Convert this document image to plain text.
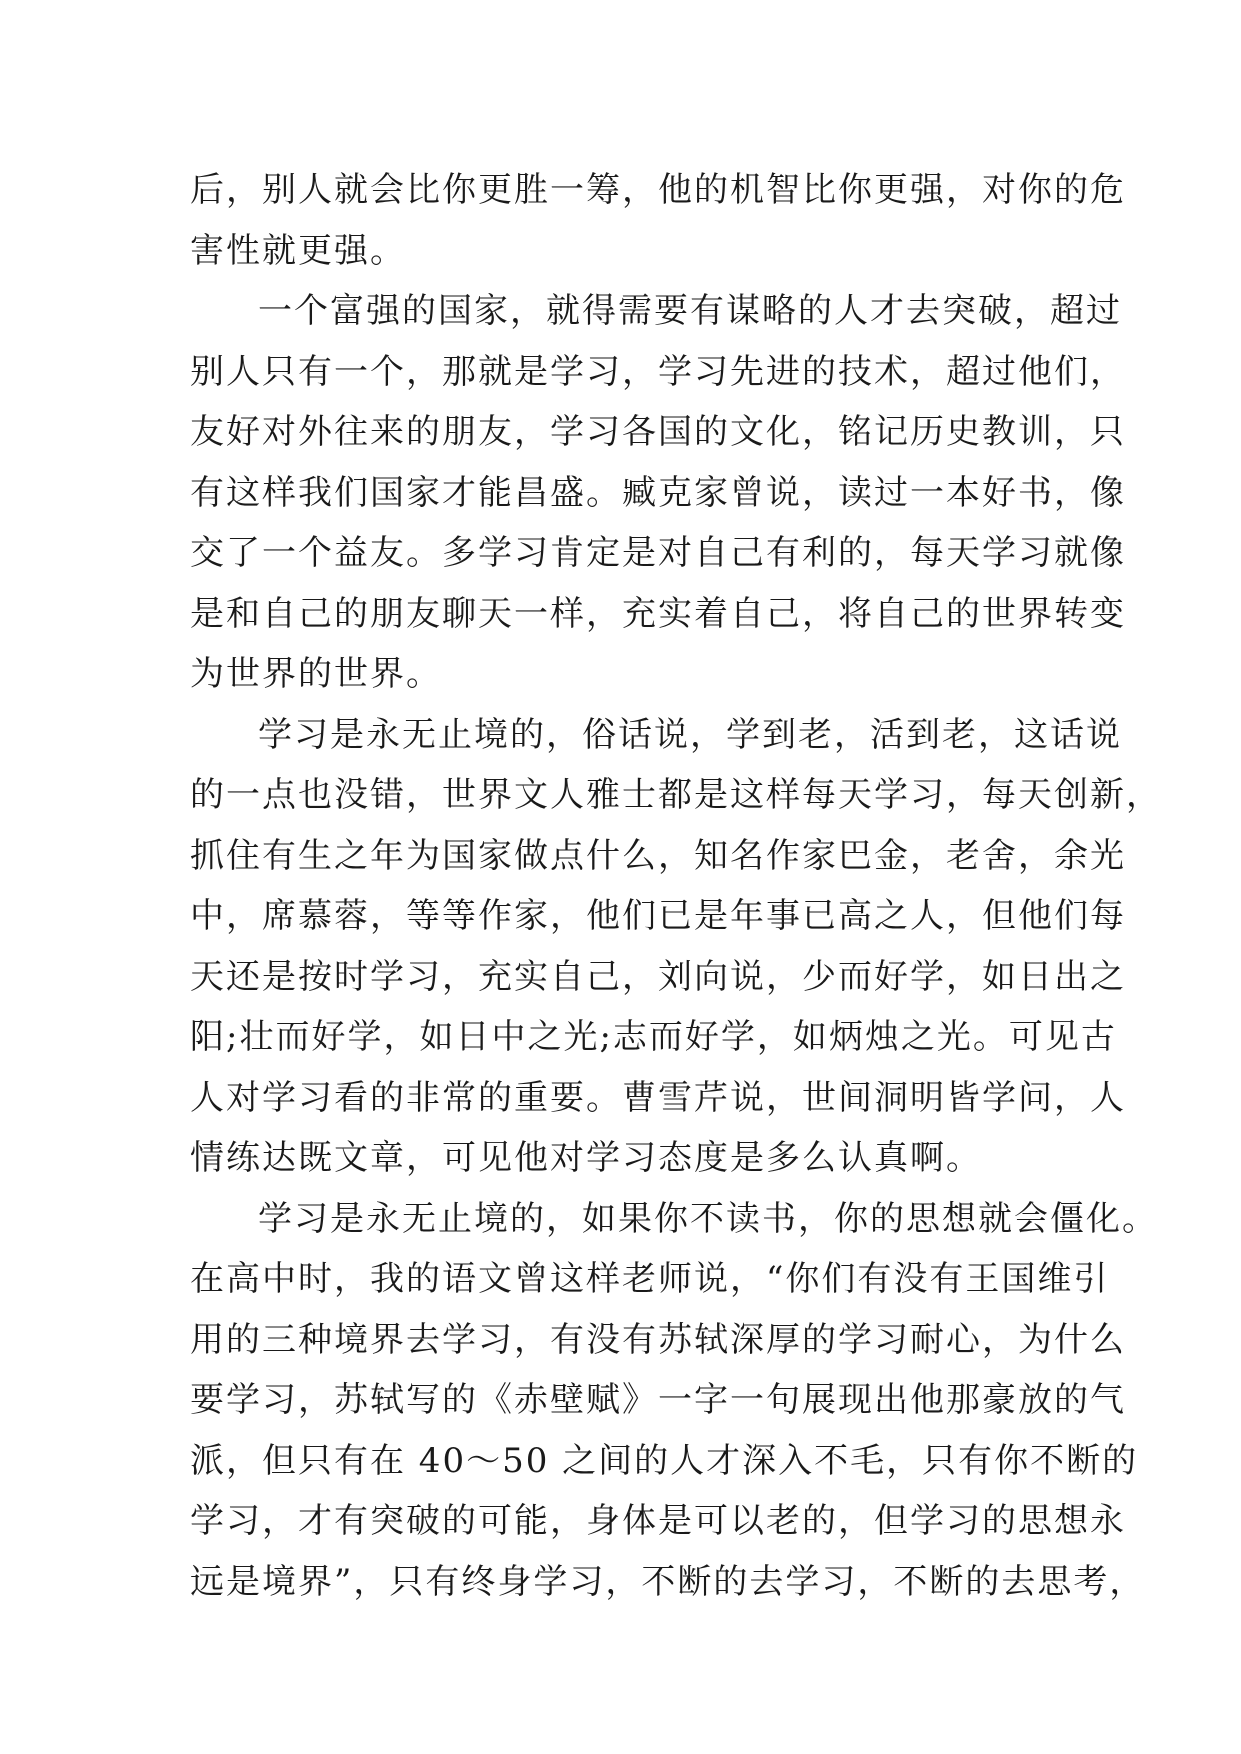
后，别人就会比你更胜一筹，他的机智比你更强，对你的危
害性就更强。
一个富强的国家，就得需要有谋略的人才去突破，超过
别人只有一个，那就是学习，学习先进的技术，超过他们，
友好对外往来的朋友，学习各国的文化，铭记历史教训，只
有这样我们国家才能昌盛。臧克家曾说，读过一本好书，像
交了一个益友。多学习肯定是对自己有利的，每天学习就像
是和自己的朋友聊天一样，充实着自己，将自己的世界转变
为世界的世界。
学习是永无止境的，俗话说，学到老，活到老，这话说
的一点也没错，世界文人雅士都是这样每天学习，每天创新，
抓住有生之年为国家做点什么，知名作家巴金，老舍，余光
中，席慕蓉，等等作家，他们已是年事已高之人，但他们每
天还是按时学习，充实自己，刘向说，少而好学，如日出之
阳;壮而好学，如日中之光;志而好学，如炳烛之光。可见古
人对学习看的非常的重要。曹雪芹说，世间洞明皆学问，人
情练达既文章，可见他对学习态度是多么认真啊。
学习是永无止境的，如果你不读书，你的思想就会僵化。
在高中时，我的语文曾这样老师说，“你们有没有王国维引
用的三种境界去学习，有没有苏轼深厚的学习耐心，为什么
要学习，苏轼写的《赤壁赋》一字一句展现出他那豪放的气
派，但只有在 40～50 之间的人才深入不毛，只有你不断的
学习，才有突破的可能，身体是可以老的，但学习的思想永
远是境界”，只有终身学习，不断的去学习，不断的去思考，
